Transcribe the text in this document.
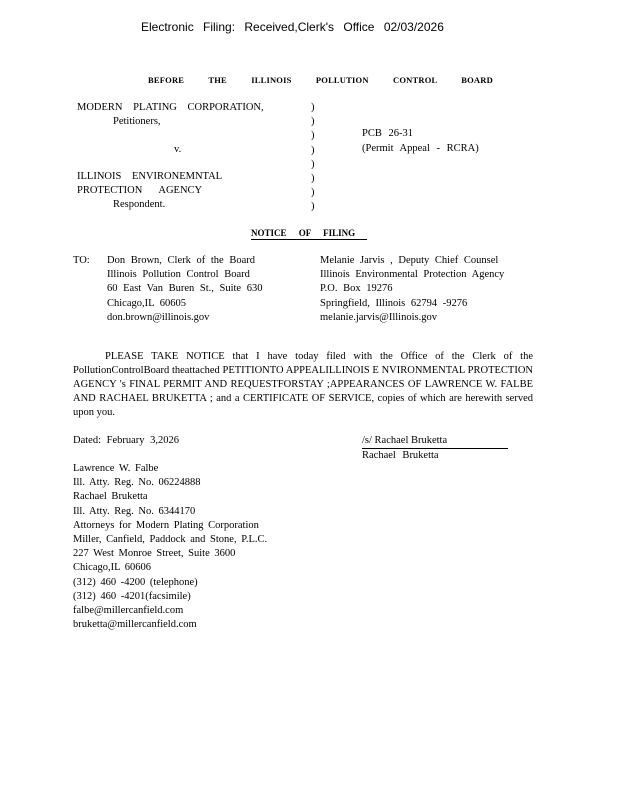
Electronic Filing: Received,Clerk's Office 02/03/2026
BEFORE THE ILLINOIS POLLUTION CONTROL BOARD
MODERN PLATING CORPORATION,
Petitioners,
v.
ILLINOIS ENVIRONEMNTAL
PROTECTION AGENCY
Respondent.
)
)
)
)
)
)
)
)
PCB 26-31
(Permit Appeal - RCRA)
NOTICE OF FILING
TO: Don Brown, Clerk of the Board
Illinois Pollution Control Board
60 East Van Buren St., Suite 630
Chicago,IL 60605
don.brown@illinois.gov
Melanie Jarvis , Deputy Chief Counsel
Illinois Environmental Protection Agency
P.O. Box 19276
Springfield, Illinois 62794 -9276
melanie.jarvis@Illinois.gov
PLEASE TAKE NOTICE that I have today filed with the Office of the Clerk of the PollutionControlBoard theattached PETITIONTO APPEALILLINOIS E NVIRONMENTAL PROTECTION AGENCY 's FINAL PERMIT AND REQUESTFORSTAY ;APPEARANCES OF LAWRENCE W. FALBE AND RACHAEL BRUKETTA ; and a CERTIFICATE OF SERVICE, copies of which are herewith served upon you.
Dated: February 3,2026	/s/ Rachael Bruketta
Rachael Bruketta
Lawrence W. Falbe
Ill. Atty. Reg. No. 06224888
Rachael Bruketta
Ill. Atty. Reg. No. 6344170
Attorneys for Modern Plating Corporation
Miller, Canfield, Paddock and Stone, P.L.C.
227 West Monroe Street, Suite 3600
Chicago,IL 60606
(312) 460 -4200 (telephone)
(312) 460 -4201(facsimile)
falbe@millercanfield.com
bruketta@millercanfield.com
